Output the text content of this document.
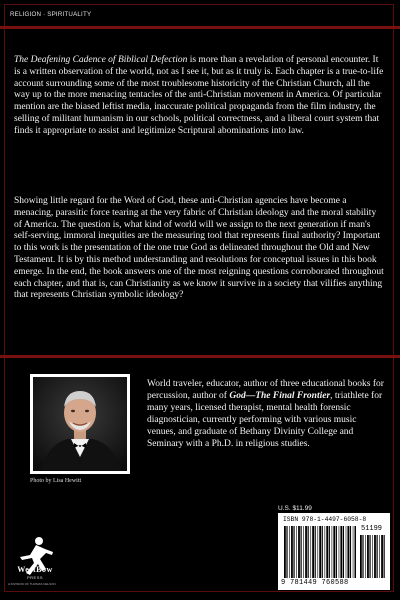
RELIGION · SPIRITUALITY

The Deafening Cadence of Biblical Defection is more than a revelation of personal encounter. It is a written observation of the world, not as I see it, but as it truly is. Each chapter is a true-to-life account surrounding some of the most troublesome historicity of the Christian Church, all the way up to the more menacing tentacles of the anti-Christian movement in America. Of particular mention are the biased leftist media, inaccurate political propaganda from the film industry, the selling of militant humanism in our schools, political correctness, and a liberal court system that finds it appropriate to assist and legitimize Scriptural abominations into law.

Showing little regard for the Word of God, these anti-Christian agencies have become a menacing, parasitic force tearing at the very fabric of Christian ideology and the moral stability of America. The question is, what kind of world will we assign to the next generation if man's self-serving, immoral inequities are the measuring tool that represents final authority? Important to this work is the presentation of the one true God as delineated throughout the Old and New Testament. It is by this method understanding and resolutions for conceptual issues in this book emerge. In the end, the book answers one of the most reigning questions corroborated throughout each chapter, and that is, can Christianity as we know it survive in a society that vilifies anything that represents Christian symbolic ideology?

Photo by Lisa Hewitt

World traveler, educator, author of three educational books for percussion, author of God—The Final Frontier, triathlete for many years, licensed therapist, mental health forensic diagnostician, currently performing with various music venues, and graduate of Bethany Divinity College and Seminary with a Ph.D. in religious studies.

WestBow
PRESS
A DIVISION OF THOMAS NELSON
U.S. $11.99
ISBN 978-1-4497-6058-8
51199
9 781449 760588
